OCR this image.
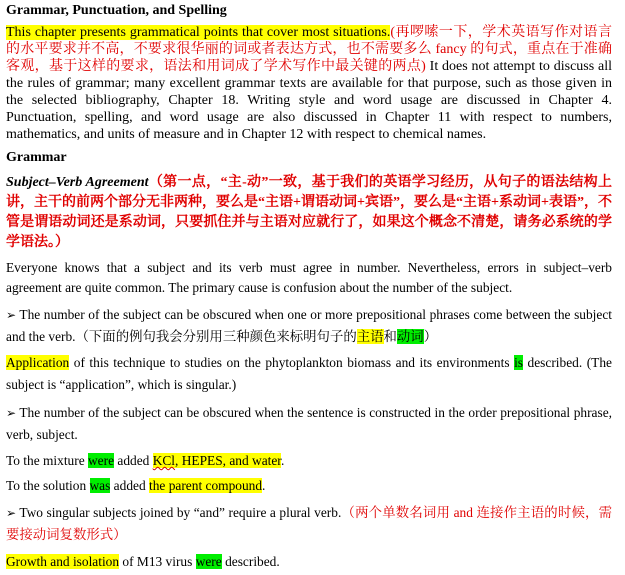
Grammar, Punctuation, and Spelling

This chapter presents grammatical points that cover most situations.(再啰嗦一下，学术英语写作对语言的水平要求并不高，不要求很华丽的词或者表达方式，也不需要多么 fancy 的句式，重点在于准确客观，基于这样的要求，语法和用词成了学术写作中最关键的两点) It does not attempt to discuss all the rules of grammar; many excellent grammar texts are available for that purpose, such as those given in the selected bibliography, Chapter 18. Writing style and word usage are discussed in Chapter 4. Punctuation, spelling, and word usage are also discussed in Chapter 11 with respect to numbers, mathematics, and units of measure and in Chapter 12 with respect to chemical names.

Grammar

Subject–Verb Agreement（第一点，“主-动”一致，基于我们的英语学习经历，从句子的语法结构上讲，主干的前两个部分无非两种，要么是“主语+谓语动词+宾语”，要么是“主语+系动词+表语”，不管是谓语动词还是系动词，只要抓住并与主语对应就行了，如果这个概念不清楚，请务必系统的学学语法。）

Everyone knows that a subject and its verb must agree in number. Nevertheless, errors in subject–verb agreement are quite common. The primary cause is confusion about the number of the subject.

➢ The number of the subject can be obscured when one or more prepositional phrases come between the subject and the verb.（下面的例句我会分别用三种颜色来标明句子的主语和动词）

Application of this technique to studies on the phytoplankton biomass and its environments is described. (The subject is “application”, which is singular.)

➢ The number of the subject can be obscured when the sentence is constructed in the order prepositional phrase, verb, subject.

To the mixture were added KCl, HEPES, and water.

To the solution was added the parent compound.

➢ Two singular subjects joined by “and” require a plural verb.（两个单数名词用 and 连接作主语的时候，需要接动词复数形式）

Growth and isolation of M13 virus were described.
